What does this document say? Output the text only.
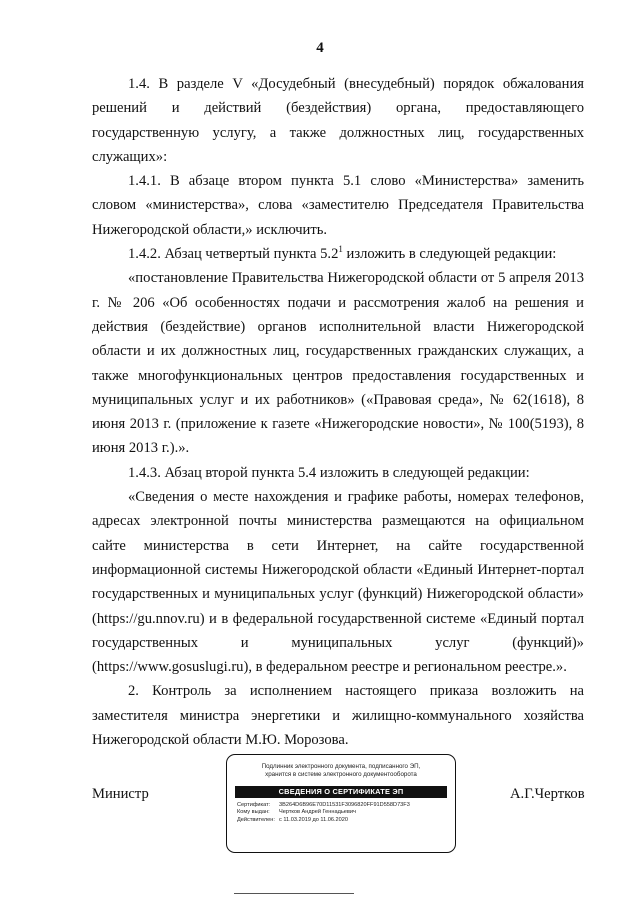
4

1.4. В разделе V «Досудебный (внесудебный) порядок обжалования решений и действий (бездействия) органа, предоставляющего государственную услугу, а также должностных лиц, государственных служащих»:

1.4.1. В абзаце втором пункта 5.1 слово «Министерства» заменить словом «министерства», слова «заместителю Председателя Правительства Нижегородской области,» исключить.

1.4.2. Абзац четвертый пункта $5.2^1$ изложить в следующей редакции:

«постановление Правительства Нижегородской области от 5 апреля 2013 г. № 206 «Об особенностях подачи и рассмотрения жалоб на решения и действия (бездействие) органов исполнительной власти Нижегородской области и их должностных лиц, государственных гражданских служащих, а также многофункциональных центров предоставления государственных и муниципальных услуг и их работников» («Правовая среда», № 62(1618), 8 июня 2013 г. (приложение к газете «Нижегородские новости», № 100(5193), 8 июня 2013 г.).».

1.4.3. Абзац второй пункта 5.4 изложить в следующей редакции:

«Сведения о месте нахождения и графике работы, номерах телефонов, адресах электронной почты министерства размещаются на официальном сайте министерства в сети Интернет, на сайте государственной информационной системы Нижегородской области «Единый Интернет-портал государственных и муниципальных услуг (функций) Нижегородской области» (https://gu.nnov.ru) и в федеральной государственной системе «Единый портал государственных и	муниципальных услуг (функций)» (https://www.gosuslugi.ru), в федеральном реестре и региональном реестре.».

2. Контроль за исполнением настоящего приказа возложить на заместителя министра энергетики и жилищно-коммунального хозяйства Нижегородской области М.Ю. Морозова.

Министр	А.Г.Чертков
Подлинник электронного документа, подписанного ЭП,
хранится в системе электронного документооборота
СВЕДЕНИЯ О СЕРТИФИКАТЕ ЭП
Сертификат: 3B264D6B96E70D11531F3096820FF91D558D73F3
Кому выдан: Чертков Андрей Геннадьевич
Действителен: с 11.03.2019 до 11.06.2020
